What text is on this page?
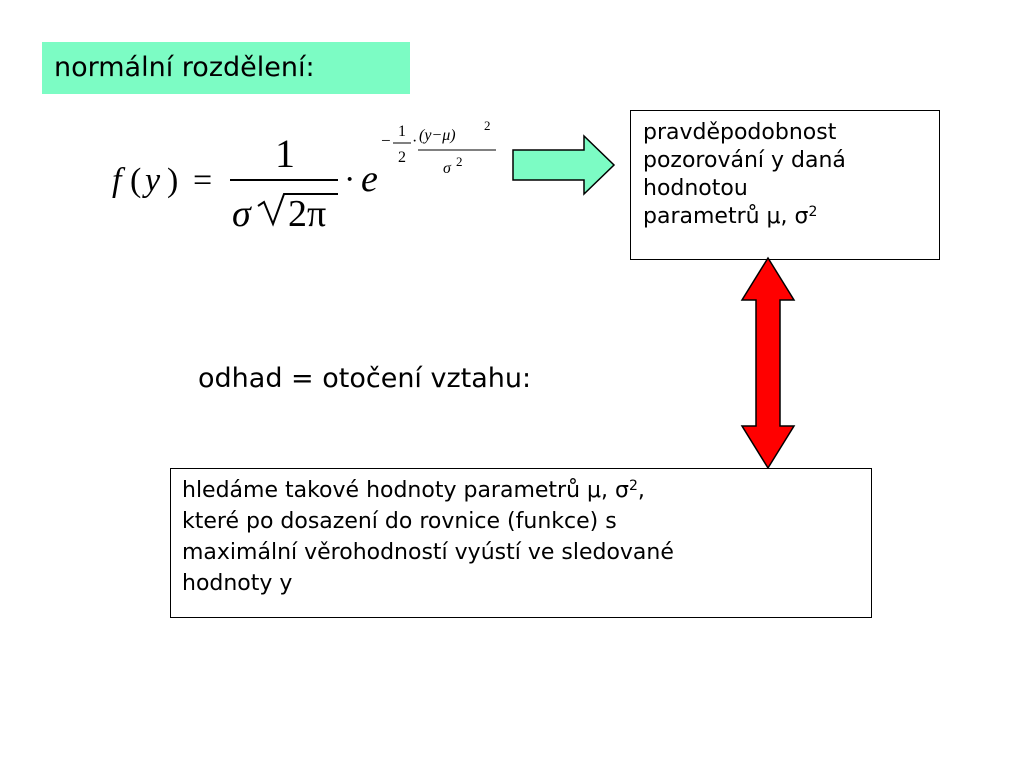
normální rozdělení:
f ( y ) =
1
σ 2π
· e
− 1
2
· (y−μ)
2
σ 2
pravděpodobnost
pozorování y daná
hodnotou
parametrů μ, $\sigma^2$
odhad = otočení vztahu:
hledáme takové hodnoty parametrů μ, $\sigma^2$,
které po dosazení do rovnice (funkce) s
maximální věrohodností vyústí ve sledované
hodnoty y
